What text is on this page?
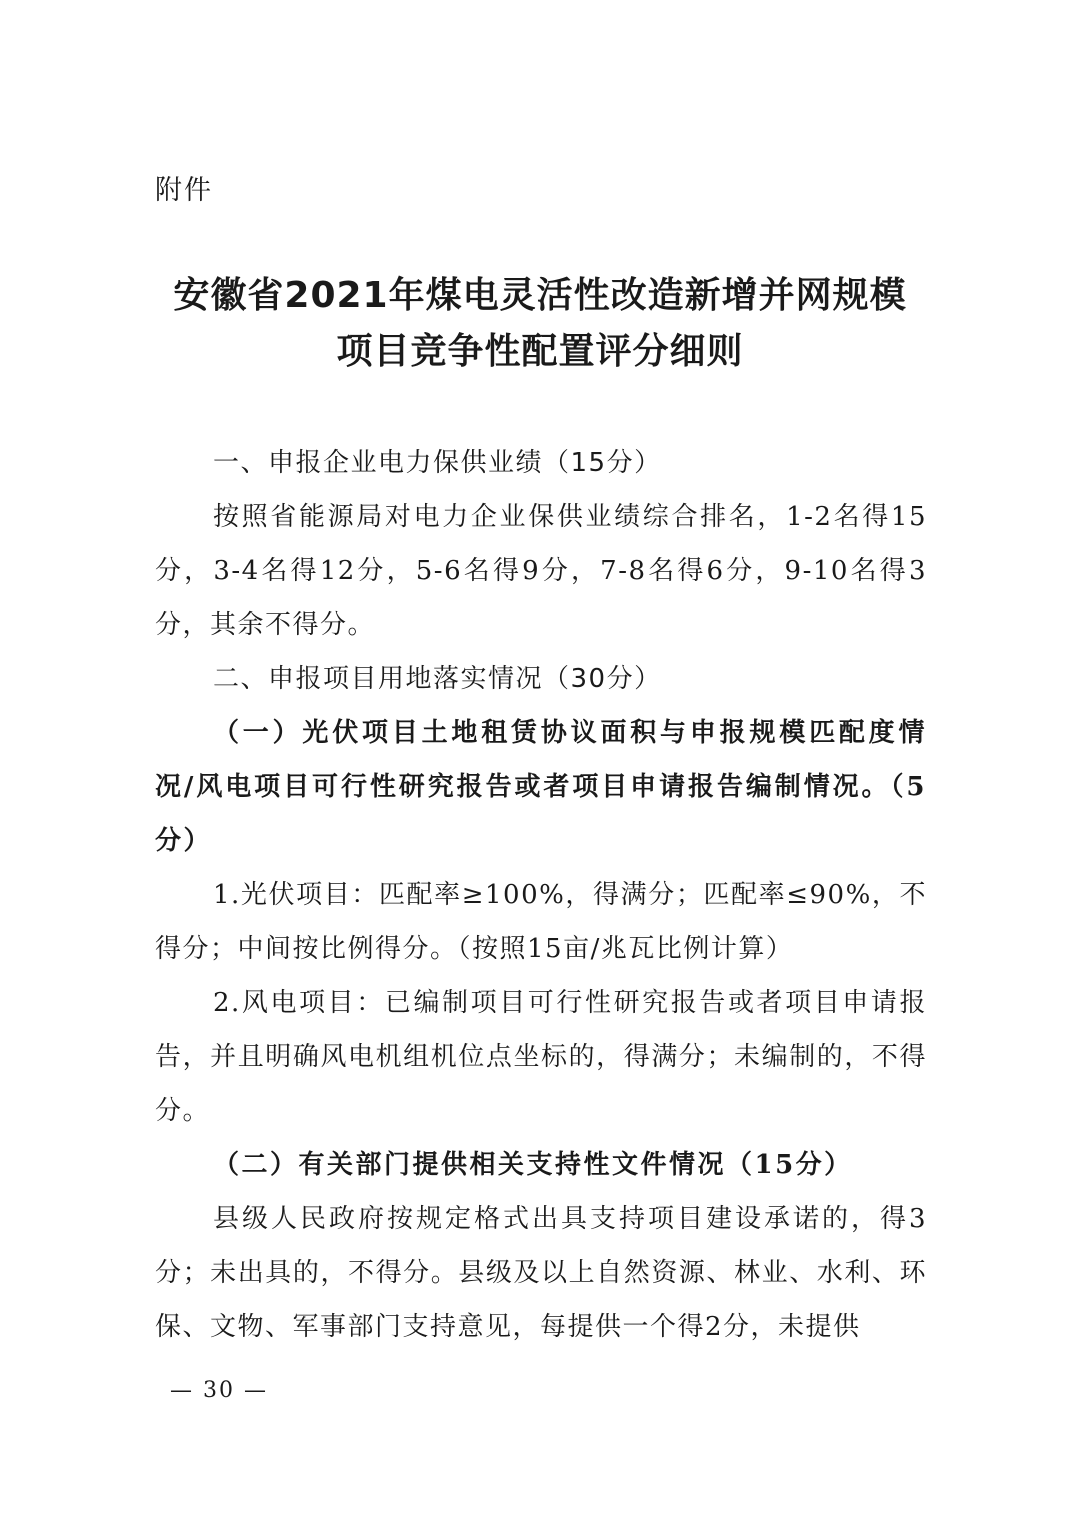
附件

安徽省2021年煤电灵活性改造新增并网规模
项目竞争性配置评分细则

一、申报企业电力保供业绩（15分）

按照省能源局对电力企业保供业绩综合排名，1-2名得15分，3-4名得12分，5-6名得9分，7-8名得6分，9-10名得3分，其余不得分。

二、申报项目用地落实情况（30分）

（一）光伏项目土地租赁协议面积与申报规模匹配度情况/风电项目可行性研究报告或者项目申请报告编制情况。（5分）

1.光伏项目：匹配率≥100%，得满分；匹配率≤90%，不得分；中间按比例得分。（按照15亩/兆瓦比例计算）

2.风电项目：已编制项目可行性研究报告或者项目申请报告，并且明确风电机组机位点坐标的，得满分；未编制的，不得分。

（二）有关部门提供相关支持性文件情况（15分）

县级人民政府按规定格式出具支持项目建设承诺的，得3分；未出具的，不得分。县级及以上自然资源、林业、水利、环保、文物、军事部门支持意见，每提供一个得2分，未提供

— 30 —
